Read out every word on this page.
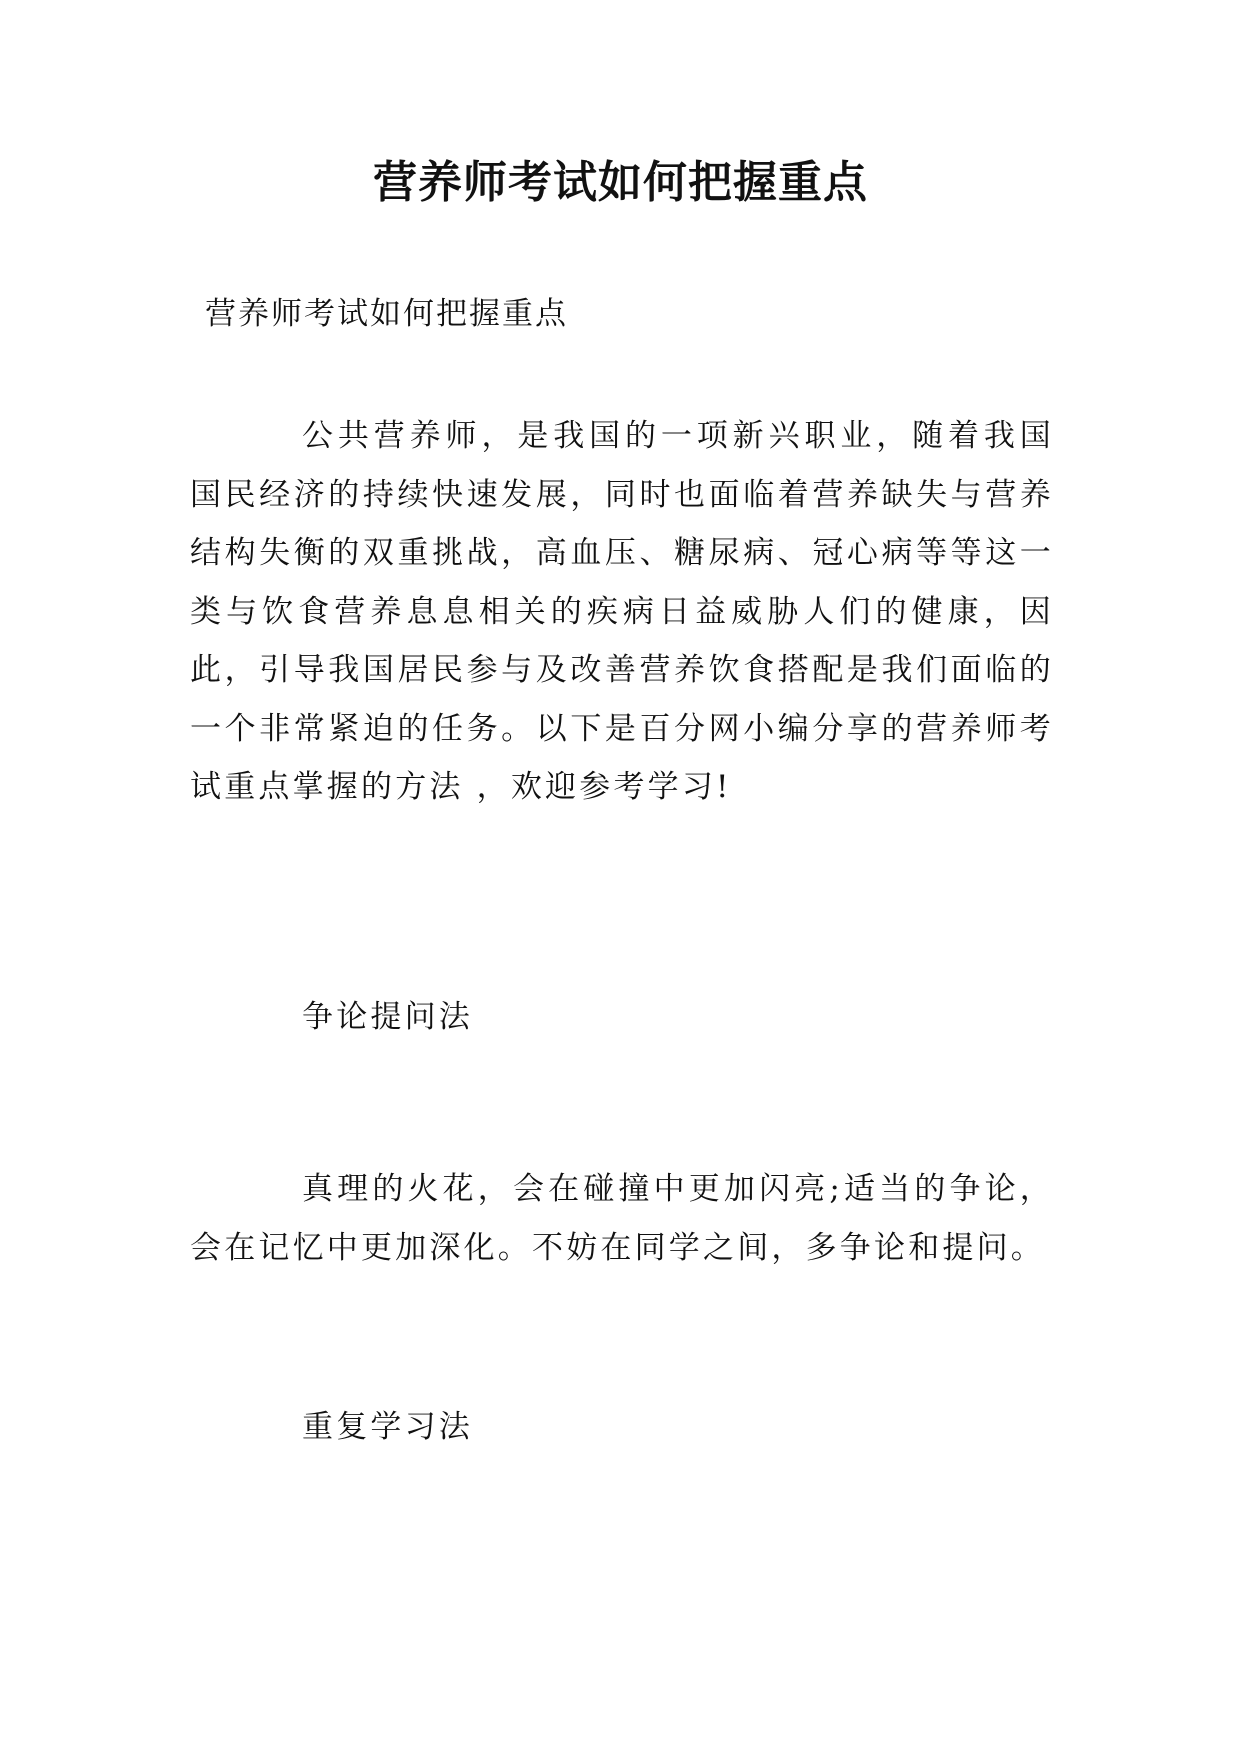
营养师考试如何把握重点

营养师考试如何把握重点

公共营养师，是我国的一项新兴职业，随着我国国民经济的持续快速发展，同时也面临着营养缺失与营养结构失衡的双重挑战，高血压、糖尿病、冠心病等等这一类与饮食营养息息相关的疾病日益威胁人们的健康，因此，引导我国居民参与及改善营养饮食搭配是我们面临的一个非常紧迫的任务。以下是百分网小编分享的营养师考试重点掌握的方法 ，欢迎参考学习!

争论提问法

真理的火花，会在碰撞中更加闪亮;适当的争论，会在记忆中更加深化。不妨在同学之间，多争论和提问。

重复学习法
